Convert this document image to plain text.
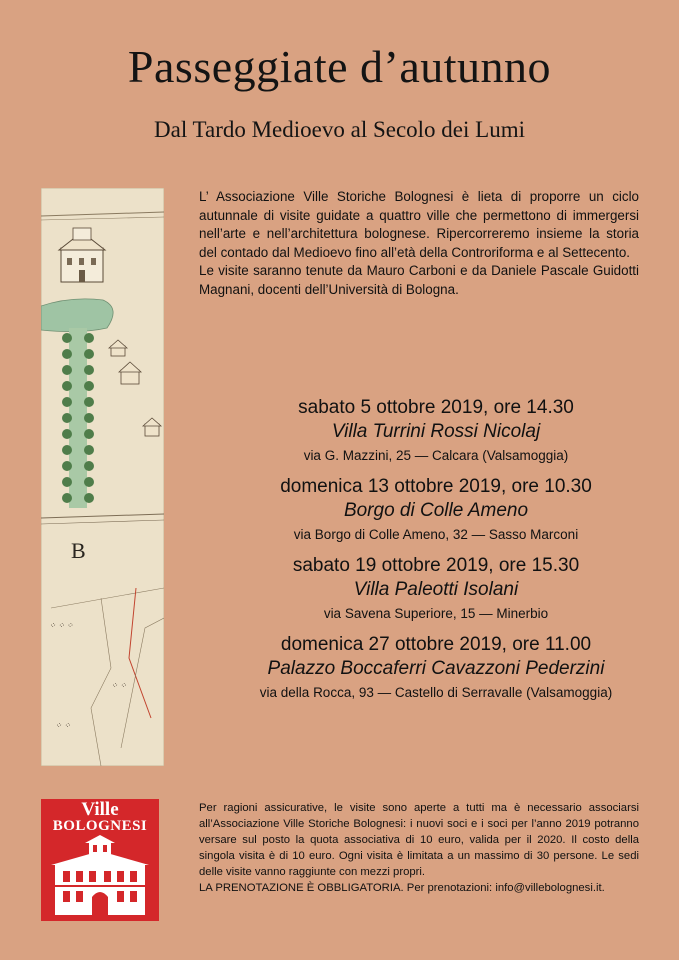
Passeggiate d’autunno
Dal Tardo Medioevo al Secolo dei Lumi
B
⁘ ⁘ ⁘
⁘ ⁘
⁘ ⁘

L’ Associazione Ville Storiche Bolognesi è lieta di proporre un ciclo autunnale di visite guidate a quattro ville che permettono di immergersi nell’arte e nell’architettura bolognese. Ripercorreremo insieme la storia del contado dal Medioevo fino all’età della Controriforma e al Settecento.

Le visite saranno tenute da Mauro Carboni e da Daniele Pascale Guidotti Magnani, docenti dell’Università di Bologna.

sabato 5 ottobre 2019, ore 14.30
Villa Turrini Rossi Nicolaj
via G. Mazzini, 25 — Calcara (Valsamoggia)
domenica 13 ottobre 2019, ore 10.30
Borgo di Colle Ameno
via Borgo di Colle Ameno, 32 — Sasso Marconi
sabato 19 ottobre 2019, ore 15.30
Villa Paleotti Isolani
via Savena Superiore, 15 — Minerbio
domenica 27 ottobre 2019, ore 11.00
Palazzo Boccaferri Cavazzoni Pederzini
via della Rocca, 93 — Castello di Serravalle (Valsamoggia)
Ville
BOLOGNESI

Per ragioni assicurative, le visite sono aperte a tutti ma è necessario associarsi all’Associazione Ville Storiche Bolognesi: i nuovi soci e i soci per l’anno 2019 potranno versare sul posto la quota associativa di 10 euro, valida per il 2020. Il costo della singola visita è di 10 euro. Ogni visita è limitata a un massimo di 30 persone. Le sedi delle visite vanno raggiunte con mezzi propri.

LA PRENOTAZIONE È OBBLIGATORIA. Per prenotazioni: info@villebolognesi.it.
